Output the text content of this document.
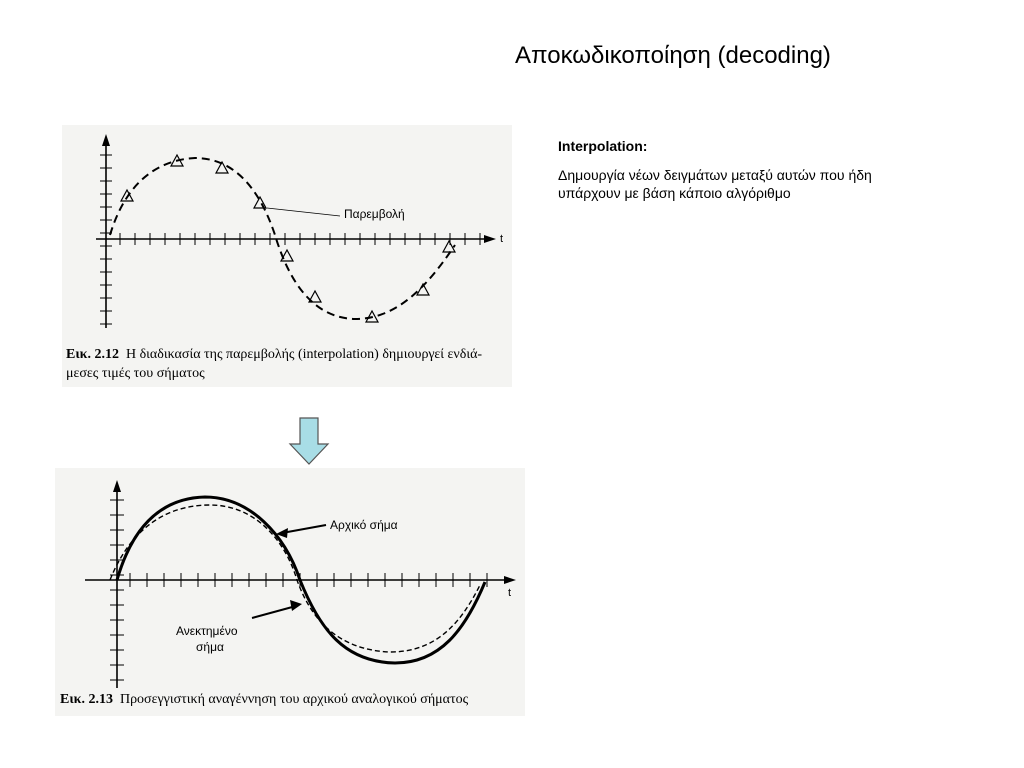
Αποκωδικοποίηση (decoding)
Interpolation:
Δημουργία νέων δειγμάτων μεταξύ αυτών που ήδη υπάρχουν με βάση κάποιο αλγόριθμο
Παρεμβολή
t
Εικ. 2.12 Η διαδικασία της παρεμβολής (interpolation) δημιουργεί ενδιά-
μεσες τιμές του σήματος
Αρχικό σήμα
Ανεκτημένο
σήμα
t
Εικ. 2.13 Προσεγγιστική αναγέννηση του αρχικού αναλογικού σήματος
